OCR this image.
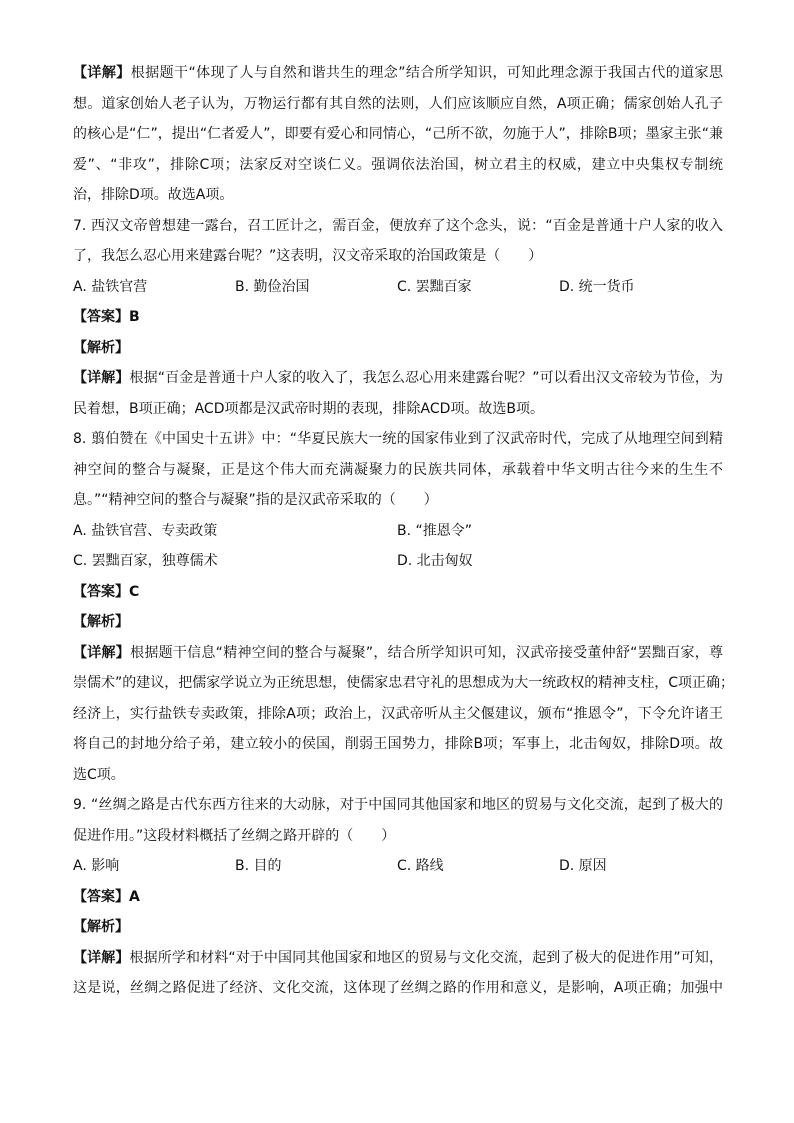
【详解】根据题干“体现了人与自然和谐共生的理念”结合所学知识，可知此理念源于我国古代的道家思
想。道家创始人老子认为，万物运行都有其自然的法则，人们应该顺应自然，A项正确；儒家创始人孔子
的核心是“仁”，提出“仁者爱人”，即要有爱心和同情心，“己所不欲，勿施于人”，排除B项；墨家主张“兼
爱”、“非攻”，排除C项；法家反对空谈仁义。强调依法治国，树立君主的权威，建立中央集权专制统
治，排除D项。故选A项。
7. 西汉文帝曾想建一露台，召工匠计之，需百金，便放弃了这个念头，说：“百金是普通十户人家的收入
了，我怎么忍心用来建露台呢？”这表明，汉文帝采取的治国政策是（　　）
A. 盐铁官营	B. 勤俭治国	C. 罢黜百家	D. 统一货币
【答案】B
【解析】
【详解】根据“百金是普通十户人家的收入了，我怎么忍心用来建露台呢？”可以看出汉文帝较为节俭，为
民着想，B项正确；ACD项都是汉武帝时期的表现，排除ACD项。故选B项。
8. 翦伯赞在《中国史十五讲》中：“华夏民族大一统的国家伟业到了汉武帝时代，完成了从地理空间到精
神空间的整合与凝聚，正是这个伟大而充满凝聚力的民族共同体，承载着中华文明古往今来的生生不
息。”“精神空间的整合与凝聚”指的是汉武帝采取的（　　）
A. 盐铁官营、专卖政策	B. “推恩令”
C. 罢黜百家，独尊儒术	D. 北击匈奴
【答案】C
【解析】
【详解】根据题干信息“精神空间的整合与凝聚”，结合所学知识可知，汉武帝接受董仲舒“罢黜百家，尊
崇儒术”的建议，把儒家学说立为正统思想，使儒家忠君守礼的思想成为大一统政权的精神支柱，C项正确；
经济上，实行盐铁专卖政策，排除A项；政治上，汉武帝听从主父偃建议，颁布“推恩令”，下令允许诸王
将自己的封地分给子弟，建立较小的侯国，削弱王国势力，排除B项；军事上，北击匈奴，排除D项。故
选C项。
9. “丝绸之路是古代东西方往来的大动脉，对于中国同其他国家和地区的贸易与文化交流，起到了极大的
促进作用。”这段材料概括了丝绸之路开辟的（　　）
A. 影响	B. 目的	C. 路线	D. 原因
【答案】A
【解析】
【详解】根据所学和材料“对于中国同其他国家和地区的贸易与文化交流，起到了极大的促进作用”可知，
这是说，丝绸之路促进了经济、文化交流，这体现了丝绸之路的作用和意义，是影响，A项正确；加强中
